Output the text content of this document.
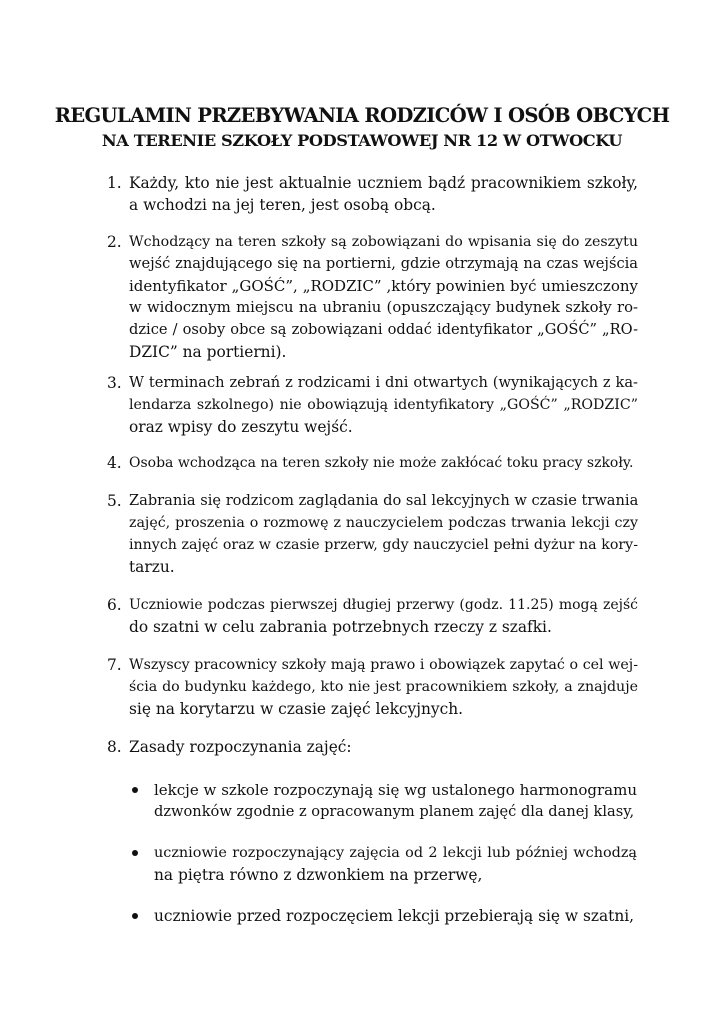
REGULAMIN PRZEBYWANIA RODZICÓW I OSÓB OBCYCH
NA TERENIE SZKOŁY PODSTAWOWEJ NR 12 W OTWOCKU
1. Każdy, kto nie jest aktualnie uczniem bądź pracownikiem szkoły,
a wchodzi na jej teren, jest osobą obcą.
2. Wchodzący na teren szkoły są zobowiązani do wpisania się do zeszytu
wejść znajdującego się na portierni, gdzie otrzymają na czas wejścia
identyfikator „GOŚĆ”, „RODZIC” ,który powinien być umieszczony
w widocznym miejscu na ubraniu (opuszczający budynek szkoły ro-
dzice / osoby obce są zobowiązani oddać identyfikator „GOŚĆ” „RO-
DZIC” na portierni).
3. W terminach zebrań z rodzicami i dni otwartych (wynikających z ka-
lendarza szkolnego) nie obowiązują identyfikatory „GOŚĆ” „RODZIC”
oraz wpisy do zeszytu wejść.
4. Osoba wchodząca na teren szkoły nie może zakłócać toku pracy szkoły.
5. Zabrania się rodzicom zaglądania do sal lekcyjnych w czasie trwania
zajęć, proszenia o rozmowę z nauczycielem podczas trwania lekcji czy
innych zajęć oraz w czasie przerw, gdy nauczyciel pełni dyżur na kory-
tarzu.
6. Uczniowie podczas pierwszej długiej przerwy (godz. 11.25) mogą zejść
do szatni w celu zabrania potrzebnych rzeczy z szafki.
7. Wszyscy pracownicy szkoły mają prawo i obowiązek zapytać o cel wej-
ścia do budynku każdego, kto nie jest pracownikiem szkoły, a znajduje
się na korytarzu w czasie zajęć lekcyjnych.
8. Zasady rozpoczynania zajęć:
lekcje w szkole rozpoczynają się wg ustalonego harmonogramu
dzwonków zgodnie z opracowanym planem zajęć dla danej klasy,
uczniowie rozpoczynający zajęcia od 2 lekcji lub później wchodzą
na piętra równo z dzwonkiem na przerwę,
uczniowie przed rozpoczęciem lekcji przebierają się w szatni,
